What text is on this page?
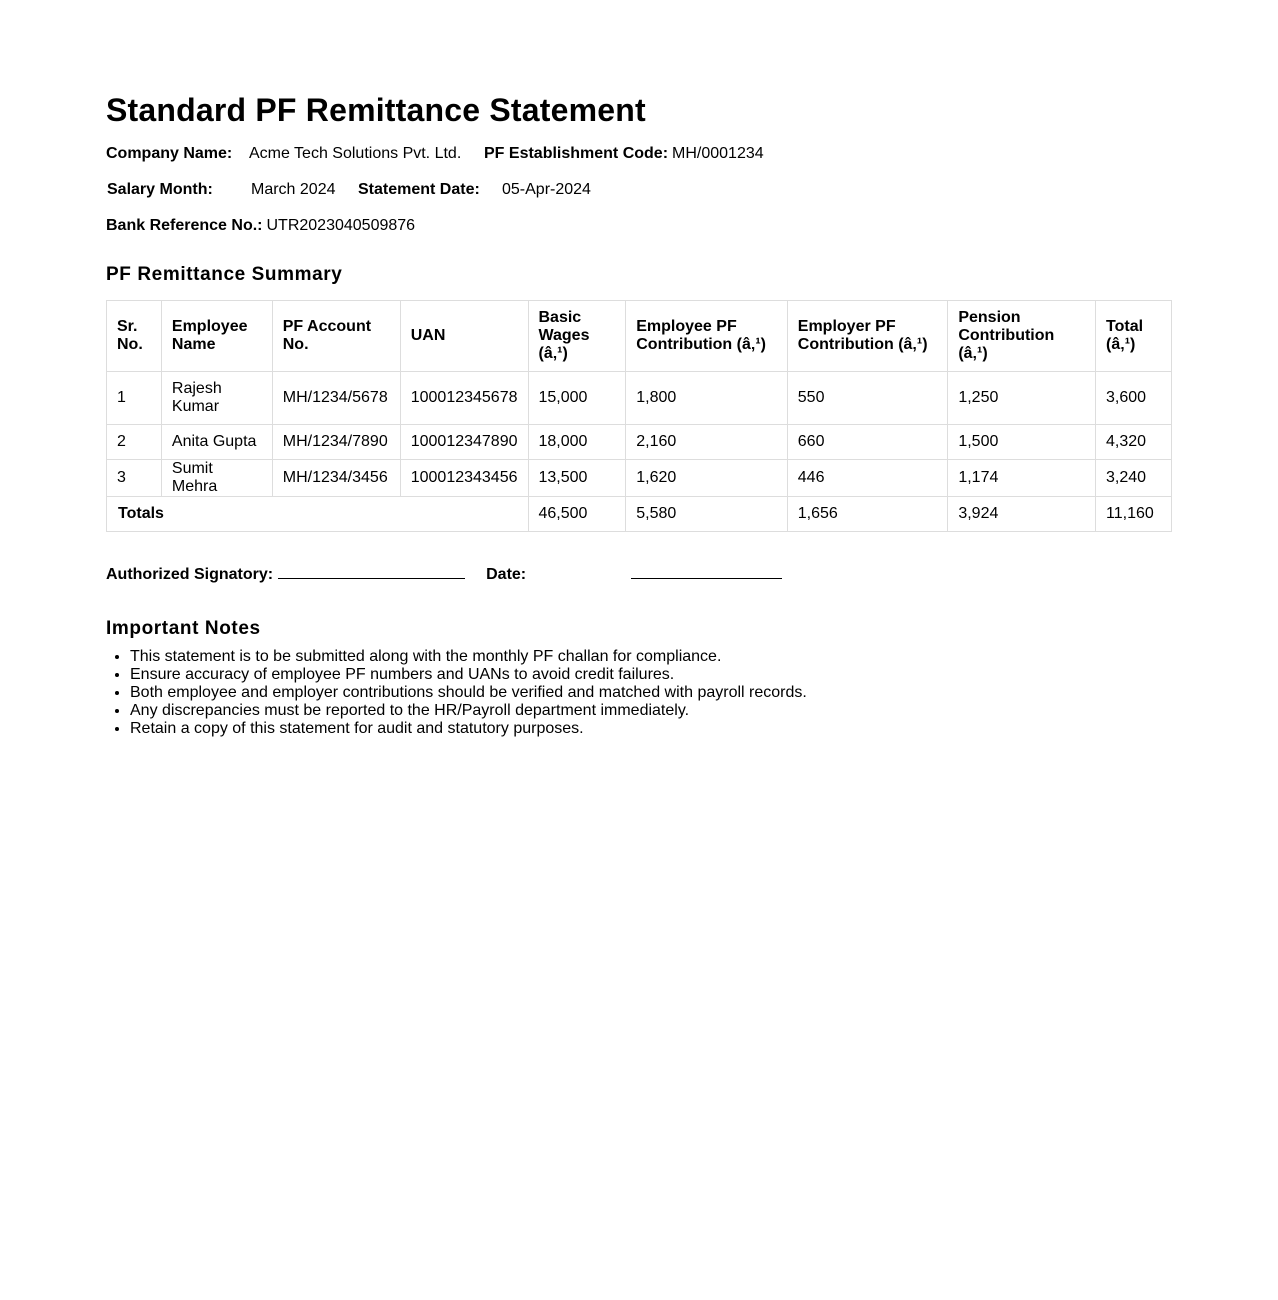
Standard PF Remittance Statement
Company Name:	Acme Tech Solutions Pvt. Ltd.	PF Establishment Code: MH/0001234
Salary Month:	March 2024	Statement Date:	05-Apr-2024
Bank Reference No.: UTR2023040509876
PF Remittance Summary
Sr. No.	Employee Name	PF Account No.	UAN	Basic Wages (â‚¹)	Employee PF Contribution (â‚¹)	Employer PF Contribution (â‚¹)	Pension Contribution (â‚¹)	Total (â‚¹)
1	Rajesh Kumar	MH/1234/5678	100012345678	15,000	1,800	550	1,250	3,600
2	Anita Gupta	MH/1234/7890	100012347890	18,000	2,160	660	1,500	4,320
3	Sumit Mehra	MH/1234/3456	100012343456	13,500	1,620	446	1,174	3,240
Totals				46,500	5,580	1,656	3,924	11,160
Authorized Signatory:	Date:
Important Notes
• This statement is to be submitted along with the monthly PF challan for compliance.
• Ensure accuracy of employee PF numbers and UANs to avoid credit failures.
• Both employee and employer contributions should be verified and matched with payroll records.
• Any discrepancies must be reported to the HR/Payroll department immediately.
• Retain a copy of this statement for audit and statutory purposes.
